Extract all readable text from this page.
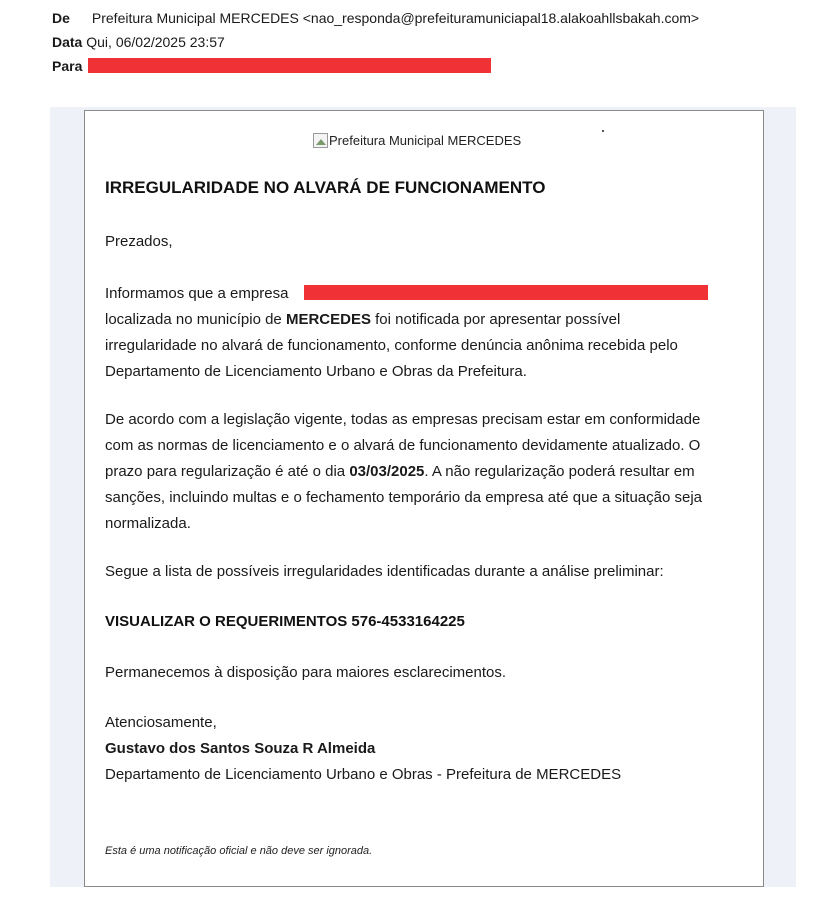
De Prefeitura Municipal MERCEDES <nao_responda@prefeituramuniciapal18.alakoahllsbakah.com>
Data Qui, 06/02/2025 23:57
Para
Prefeitura Municipal MERCEDES
IRREGULARIDADE NO ALVARÁ DE FUNCIONAMENTO
Prezados,
Informamos que a empresa
localizada no município de MERCEDES foi notificada por apresentar possível
irregularidade no alvará de funcionamento, conforme denúncia anônima recebida pelo
Departamento de Licenciamento Urbano e Obras da Prefeitura.
De acordo com a legislação vigente, todas as empresas precisam estar em conformidade
com as normas de licenciamento e o alvará de funcionamento devidamente atualizado. O
prazo para regularização é até o dia 03/03/2025. A não regularização poderá resultar em
sanções, incluindo multas e o fechamento temporário da empresa até que a situação seja
normalizada.
Segue a lista de possíveis irregularidades identificadas durante a análise preliminar:
VISUALIZAR O REQUERIMENTOS 576-4533164225
Permanecemos à disposição para maiores esclarecimentos.
Atenciosamente,
Gustavo dos Santos Souza R Almeida
Departamento de Licenciamento Urbano e Obras - Prefeitura de MERCEDES
Esta é uma notificação oficial e não deve ser ignorada.
